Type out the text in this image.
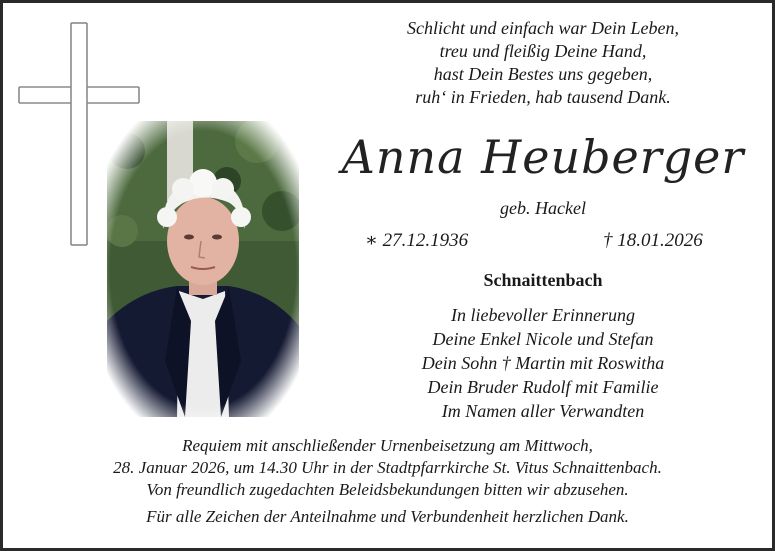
Schlicht und einfach war Dein Leben,
treu und fleißig Deine Hand,
hast Dein Bestes uns gegeben,
ruh‘ in Frieden, hab tausend Dank.
Anna Heuberger
geb. Hackel
∗ 27.12.1936	† 18.01.2026
Schnaittenbach
In liebevoller Erinnerung
Deine Enkel Nicole und Stefan
Dein Sohn † Martin mit Roswitha
Dein Bruder Rudolf mit Familie
Im Namen aller Verwandten
Requiem mit anschließender Urnenbeisetzung am Mittwoch,
28. Januar 2026, um 14.30 Uhr in der Stadtpfarrkirche St. Vitus Schnaittenbach.
Von freundlich zugedachten Beleidsbekundungen bitten wir abzusehen.
Für alle Zeichen der Anteilnahme und Verbundenheit herzlichen Dank.
